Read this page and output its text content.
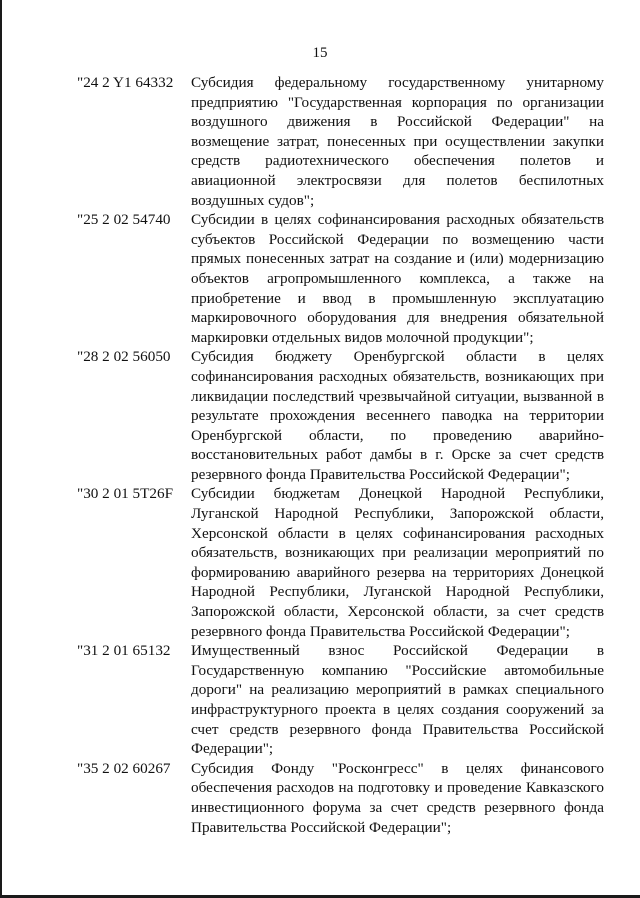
15
"24 2 Y1 64332	Субсидия федеральному государственному унитарному предприятию "Государственная корпорация по организации воздушного движения в Российской Федерации" на возмещение затрат, понесенных при осуществлении закупки средств радиотехнического обеспечения полетов и авиационной электросвязи для полетов беспилотных воздушных судов";
"25 2 02 54740	Субсидии в целях софинансирования расходных обязательств субъектов Российской Федерации по возмещению части прямых понесенных затрат на создание и (или) модернизацию объектов агропромышленного комплекса, а также на приобретение и ввод в промышленную эксплуатацию маркировочного оборудования для внедрения обязательной маркировки отдельных видов молочной продукции";
"28 2 02 56050	Субсидия бюджету Оренбургской области в целях софинансирования расходных обязательств, возникающих при ликвидации последствий чрезвычайной ситуации, вызванной в результате прохождения весеннего паводка на территории Оренбургской области, по проведению аварийно-восстановительных работ дамбы в г. Орске за счет средств резервного фонда Правительства Российской Федерации";
"30 2 01 5Т26F	Субсидии бюджетам Донецкой Народной Республики, Луганской Народной Республики, Запорожской области, Херсонской области в целях софинансирования расходных обязательств, возникающих при реализации мероприятий по формированию аварийного резерва на территориях Донецкой Народной Республики, Луганской Народной Республики, Запорожской области, Херсонской области, за счет средств резервного фонда Правительства Российской Федерации";
"31 2 01 65132	Имущественный взнос Российской Федерации в Государственную компанию "Российские автомобильные дороги" на реализацию мероприятий в рамках специального инфраструктурного проекта в целях создания сооружений за счет средств резервного фонда Правительства Российской Федерации";
"35 2 02 60267	Субсидия Фонду "Росконгресс" в целях финансового обеспечения расходов на подготовку и проведение Кавказского инвестиционного форума за счет средств резервного фонда Правительства Российской Федерации";
